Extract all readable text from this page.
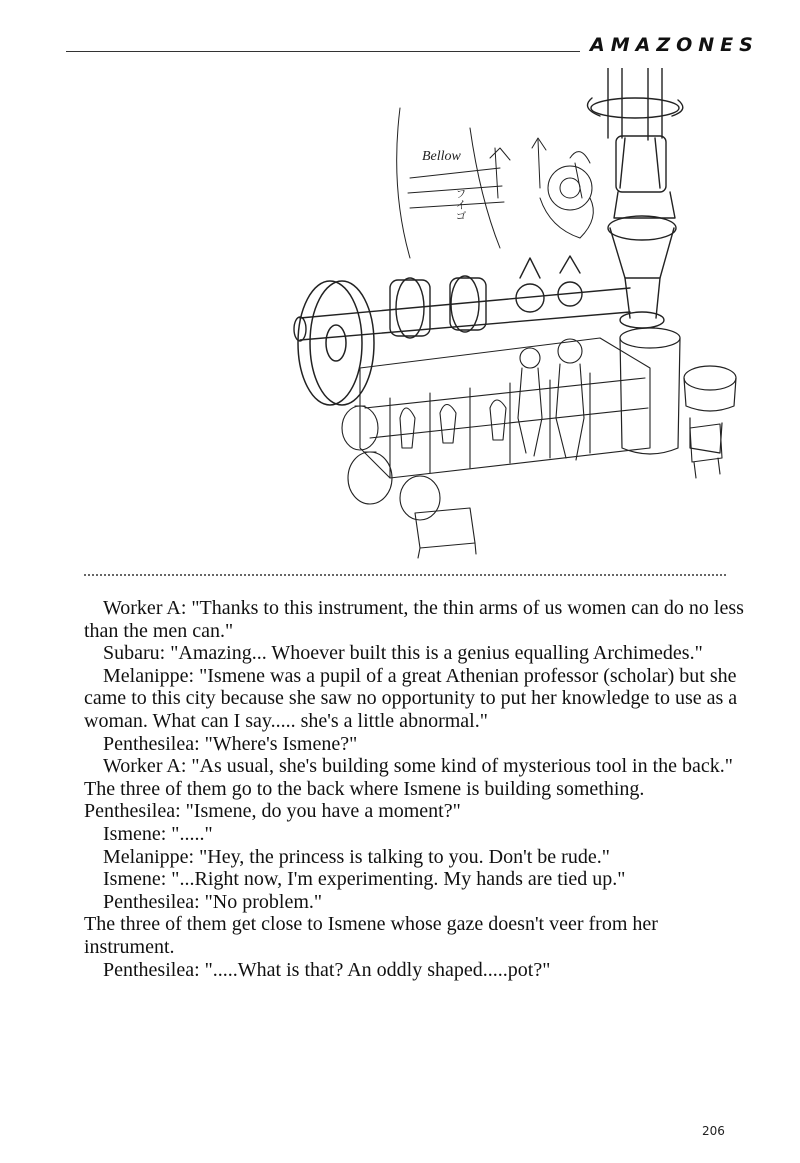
AMAZONES
Bellow
フイゴ

Worker A: "Thanks to this instrument, the thin arms of us women can do no less than the men can."

Subaru: "Amazing... Whoever built this is a genius equalling Archimedes."

Melanippe: "Ismene was a pupil of a great Athenian professor (scholar) but she came to this city because she saw no opportunity to put her knowledge to use as a woman. What can I say..... she's a little abnormal."

Penthesilea: "Where's Ismene?"

Worker A: "As usual, she's building some kind of mysterious tool in the back."

The three of them go to the back where Ismene is building something.

Penthesilea: "Ismene, do you have a moment?"

Ismene: "....."

Melanippe: "Hey, the princess is talking to you. Don't be rude."

Ismene: "...Right now, I'm experimenting. My hands are tied up."

Penthesilea: "No problem."

The three of them get close to Ismene whose gaze doesn't veer from her instrument.

Penthesilea: ".....What is that? An oddly shaped.....pot?"

206
